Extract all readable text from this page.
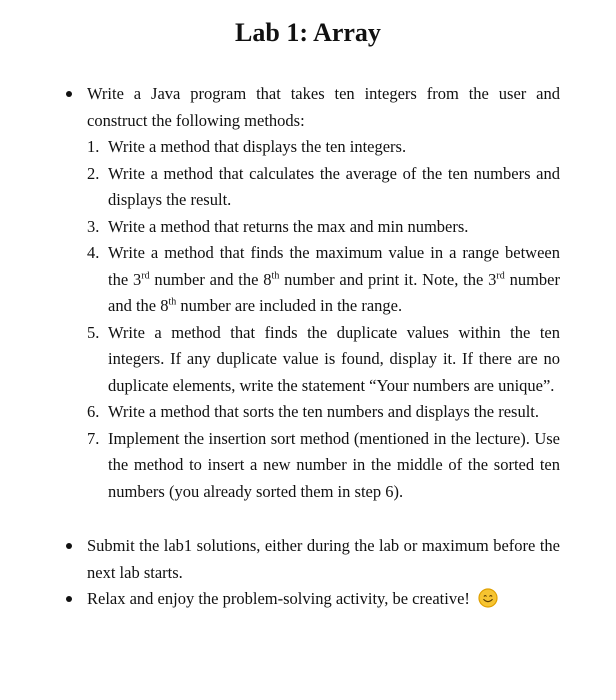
Lab 1: Array
Write a Java program that takes ten integers from the user and construct the following methods:
1. Write a method that displays the ten integers.
2. Write a method that calculates the average of the ten numbers and displays the result.
3. Write a method that returns the max and min numbers.
4. Write a method that finds the maximum value in a range between the 3rd number and the 8th number and print it. Note, the 3rd number and the 8th number are included in the range.
5. Write a method that finds the duplicate values within the ten integers. If any duplicate value is found, display it. If there are no duplicate elements, write the statement “Your numbers are unique”.
6. Write a method that sorts the ten numbers and displays the result.
7. Implement the insertion sort method (mentioned in the lecture). Use the method to insert a new number in the middle of the sorted ten numbers (you already sorted them in step 6).
Submit the lab1 solutions, either during the lab or maximum before the next lab starts.
Relax and enjoy the problem-solving activity, be creative!
